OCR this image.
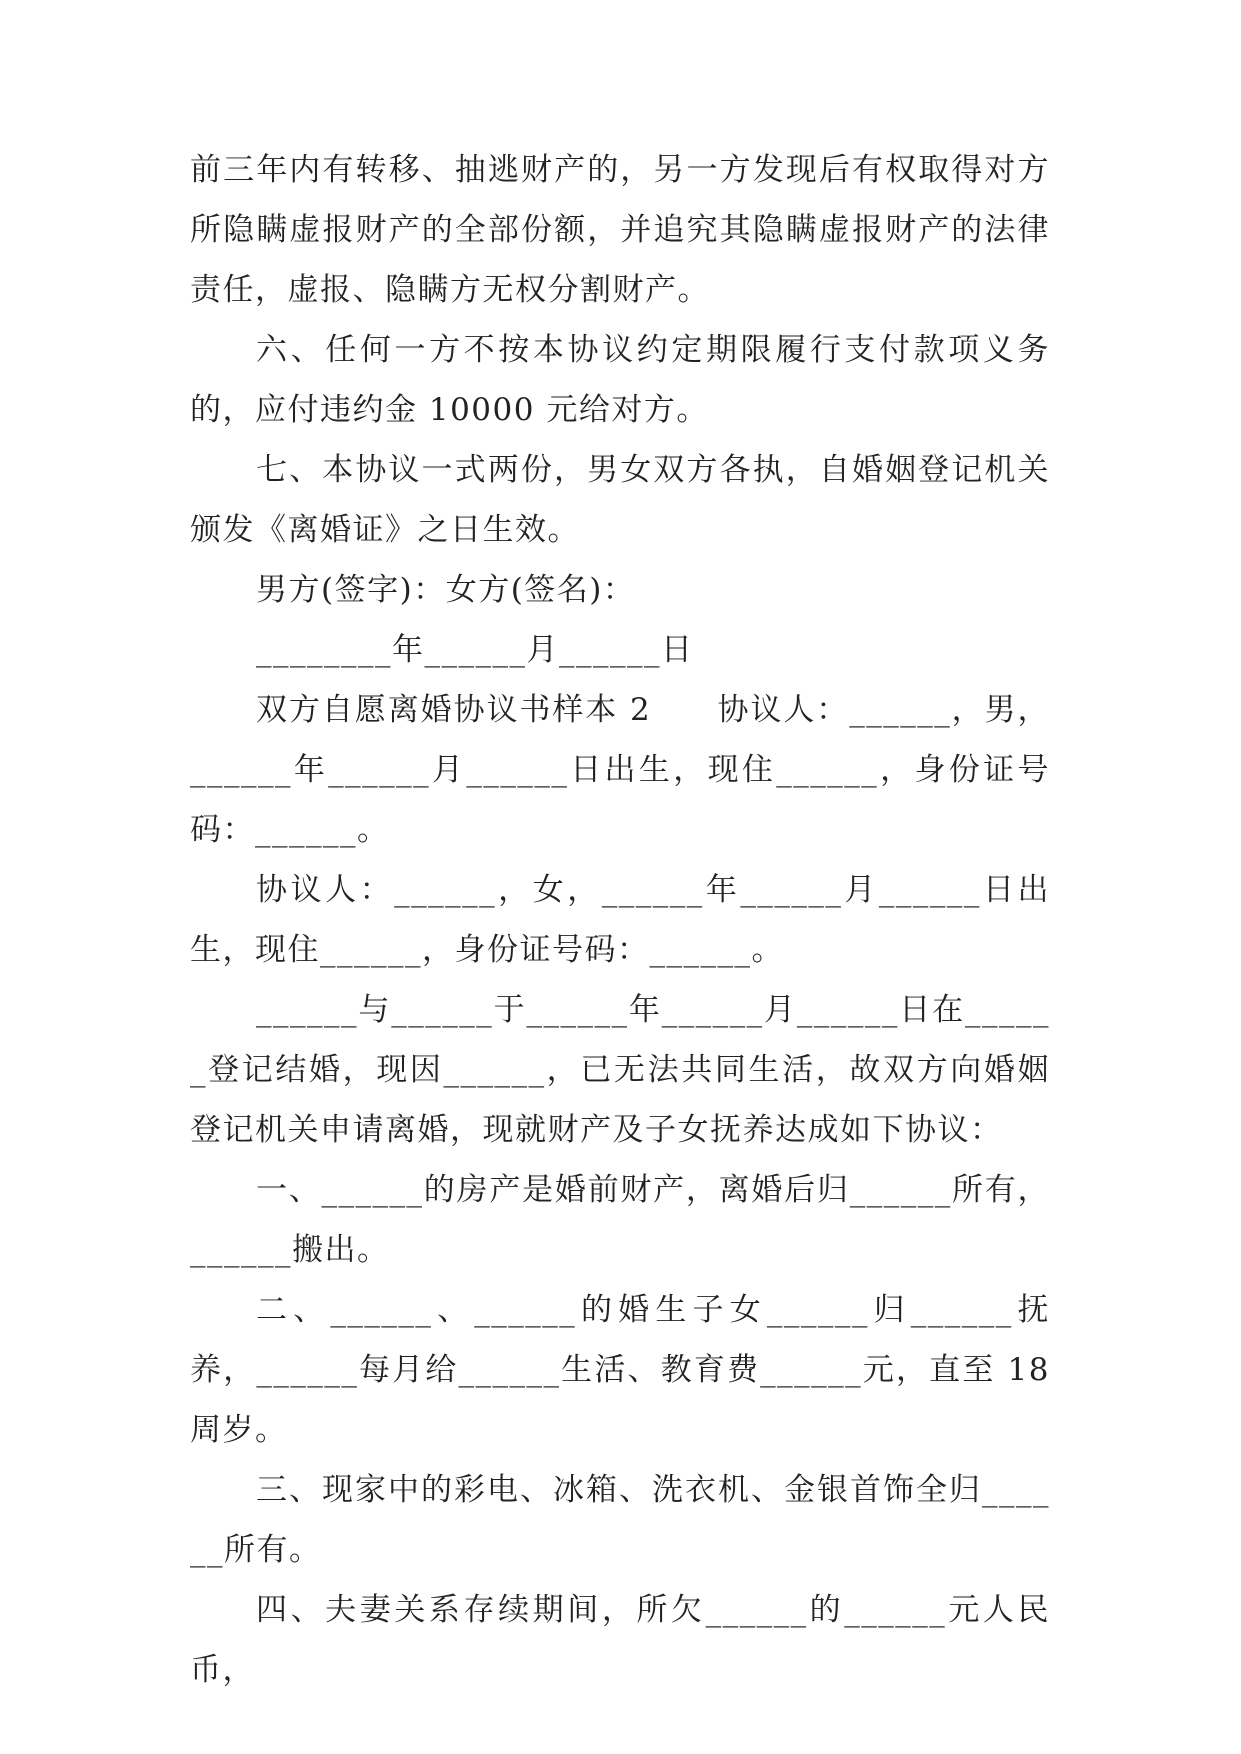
前三年内有转移、抽逃财产的，另一方发现后有权取得对方所隐瞒虚报财产的全部份额，并追究其隐瞒虚报财产的法律责任，虚报、隐瞒方无权分割财产。

六、任何一方不按本协议约定期限履行支付款项义务的，应付违约金 10000 元给对方。

七、本协议一式两份，男女双方各执，自婚姻登记机关颁发《离婚证》之日生效。

男方(签字)：女方(签名)：

________年______月______日

双方自愿离婚协议书样本 2　　协议人：______，男，______年______月______日出生，现住______，身份证号码：______。

协议人：______，女，______年______月______日出生，现住______，身份证号码：______。

______与______于______年______月______日在______登记结婚，现因______，已无法共同生活，故双方向婚姻登记机关申请离婚，现就财产及子女抚养达成如下协议：

一、______的房产是婚前财产，离婚后归______所有，______搬出。

二、______、______的婚生子女______归______抚养，______每月给______生活、教育费______元，直至 18 周岁。

三、现家中的彩电、冰箱、洗衣机、金银首饰全归______所有。

四、夫妻关系存续期间，所欠______的______元人民币，
